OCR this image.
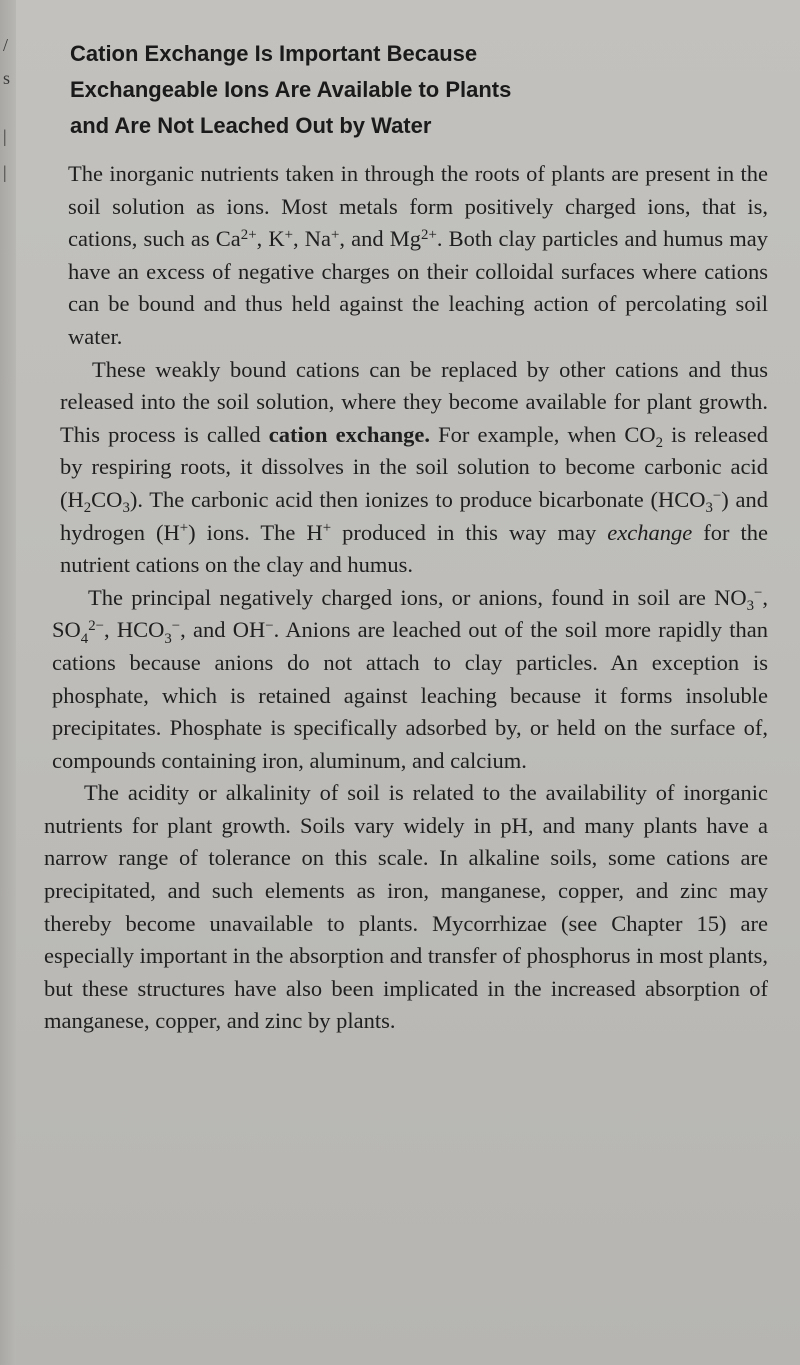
/
s
|
|
Cation Exchange Is Important Because
Exchangeable Ions Are Available to Plants
and Are Not Leached Out by Water

The inorganic nutrients taken in through the roots of plants are present in the soil solution as ions. Most metals form positively charged ions, that is, cations, such as $Ca^{2+}$, K+, Na+, and $Mg^{2+}$. Both clay particles and humus may have an excess of negative charges on their colloidal surfaces where cations can be bound and thus held against the leaching action of percolating soil water.

These weakly bound cations can be replaced by other cations and thus released into the soil solution, where they become available for plant growth. This process is called cation exchange. For example, when $CO_2$ is released by respiring roots, it dissolves in the soil solution to become carbonic acid $(H_2CO_3)$. The carbonic acid then ionizes to produce bicarbonate $(HCO_3^-)$ and hydrogen (H+) ions. The H+ produced in this way may exchange for the nutrient cations on the clay and humus.

The principal negatively charged ions, or anions, found in soil are $NO_3^-$, $SO_4^{2-}$, $HCO_3^-$, and OH−. Anions are leached out of the soil more rapidly than cations because anions do not attach to clay particles. An exception is phosphate, which is retained against leaching because it forms insoluble precipitates. Phosphate is specifically adsorbed by, or held on the surface of, compounds containing iron, aluminum, and calcium.

The acidity or alkalinity of soil is related to the availability of inorganic nutrients for plant growth. Soils vary widely in pH, and many plants have a narrow range of tolerance on this scale. In alkaline soils, some cations are precipitated, and such elements as iron, manganese, copper, and zinc may thereby become unavailable to plants. Mycorrhizae (see Chapter 15) are especially important in the absorption and transfer of phosphorus in most plants, but these structures have also been implicated in the increased absorption of manganese, copper, and zinc by plants.
